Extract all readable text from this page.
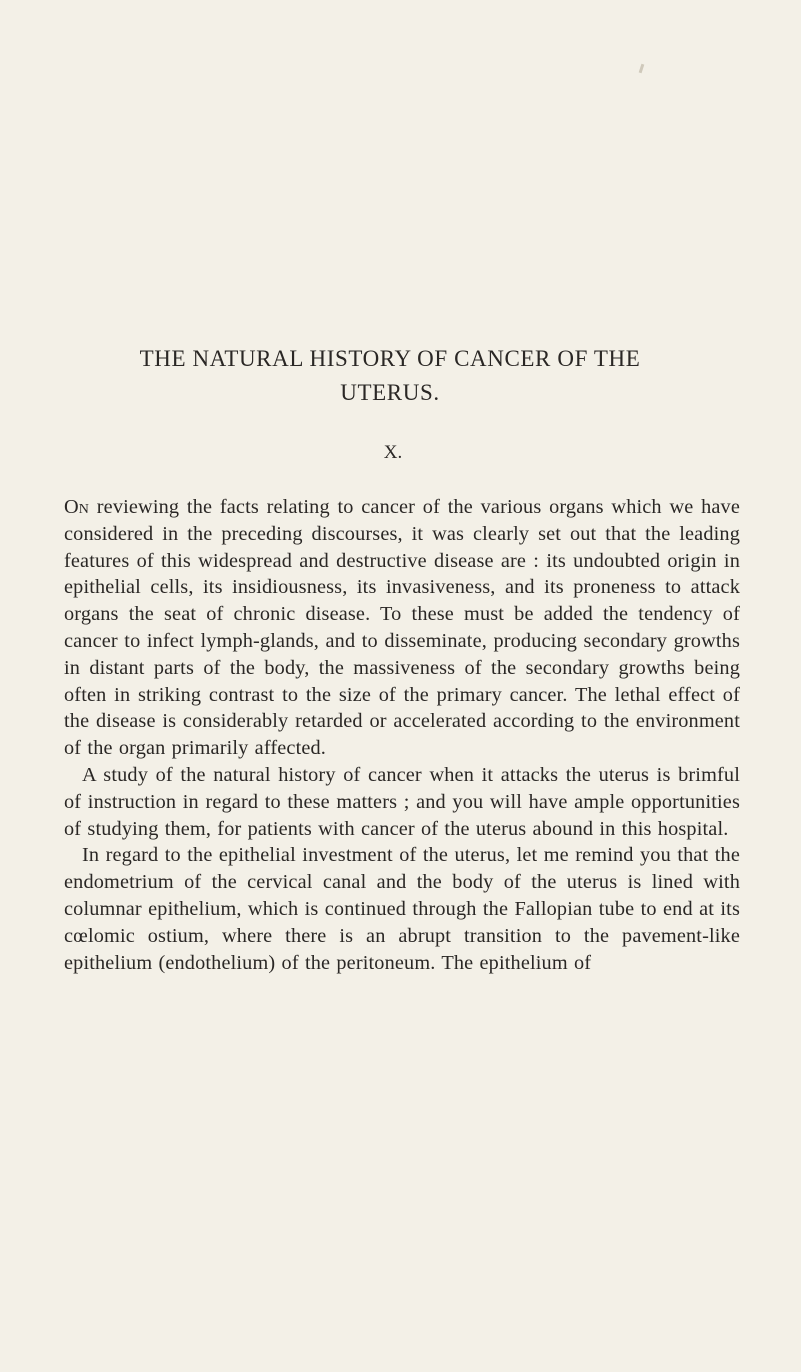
THE NATURAL HISTORY OF CANCER OF THE
UTERUS.
X.

On reviewing the facts relating to cancer of the various organs which we have considered in the preceding discourses, it was clearly set out that the leading features of this widespread and destructive disease are : its undoubted origin in epithelial cells, its insidiousness, its invasiveness, and its proneness to attack organs the seat of chronic disease. To these must be added the tendency of cancer to infect lymph-glands, and to disseminate, producing secondary growths in distant parts of the body, the massiveness of the secondary growths being often in striking contrast to the size of the primary cancer. The lethal effect of the disease is considerably retarded or accelerated according to the environment of the organ primarily affected.

A study of the natural history of cancer when it attacks the uterus is brimful of instruction in regard to these matters ; and you will have ample opportunities of studying them, for patients with cancer of the uterus abound in this hospital.

In regard to the epithelial investment of the uterus, let me remind you that the endometrium of the cervical canal and the body of the uterus is lined with columnar epithelium, which is continued through the Fallopian tube to end at its cœlomic ostium, where there is an abrupt transition to the pavement-like epithelium (endothelium) of the peritoneum. The epithelium of
